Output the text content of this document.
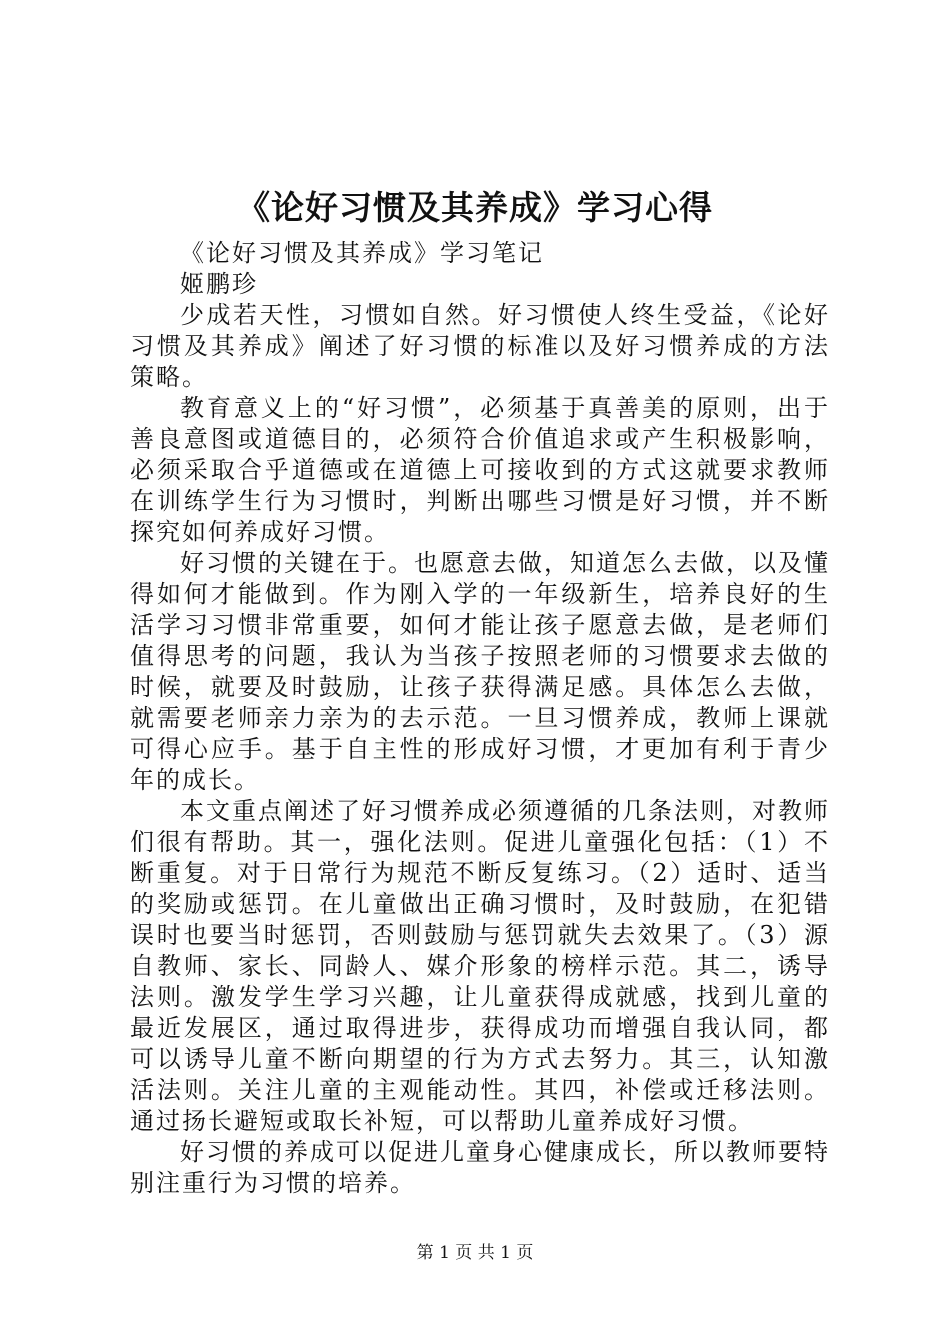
《论好习惯及其养成》学习心得

《论好习惯及其养成》学习笔记

姬鹏珍

少成若天性，习惯如自然。好习惯使人终生受益，《论好习惯及其养成》阐述了好习惯的标准以及好习惯养成的方法策略。

教育意义上的“好习惯”，必须基于真善美的原则，出于善良意图或道德目的，必须符合价值追求或产生积极影响，必须采取合乎道德或在道德上可接收到的方式这就要求教师在训练学生行为习惯时，判断出哪些习惯是好习惯，并不断探究如何养成好习惯。

好习惯的关键在于。也愿意去做，知道怎么去做，以及懂得如何才能做到。作为刚入学的一年级新生，培养良好的生活学习习惯非常重要，如何才能让孩子愿意去做，是老师们值得思考的问题，我认为当孩子按照老师的习惯要求去做的时候，就要及时鼓励，让孩子获得满足感。具体怎么去做，就需要老师亲力亲为的去示范。一旦习惯养成，教师上课就可得心应手。基于自主性的形成好习惯，才更加有利于青少年的成长。

本文重点阐述了好习惯养成必须遵循的几条法则，对教师们很有帮助。其一，强化法则。促进儿童强化包括：（1）不断重复。对于日常行为规范不断反复练习。（2）适时、适当的奖励或惩罚。在儿童做出正确习惯时，及时鼓励，在犯错误时也要当时惩罚，否则鼓励与惩罚就失去效果了。（3）源自教师、家长、同龄人、媒介形象的榜样示范。其二，诱导法则。激发学生学习兴趣，让儿童获得成就感，找到儿童的最近发展区，通过取得进步，获得成功而增强自我认同，都可以诱导儿童不断向期望的行为方式去努力。其三，认知激活法则。关注儿童的主观能动性。其四，补偿或迁移法则。通过扬长避短或取长补短，可以帮助儿童养成好习惯。

好习惯的养成可以促进儿童身心健康成长，所以教师要特别注重行为习惯的培养。

第 1 页 共 1 页
